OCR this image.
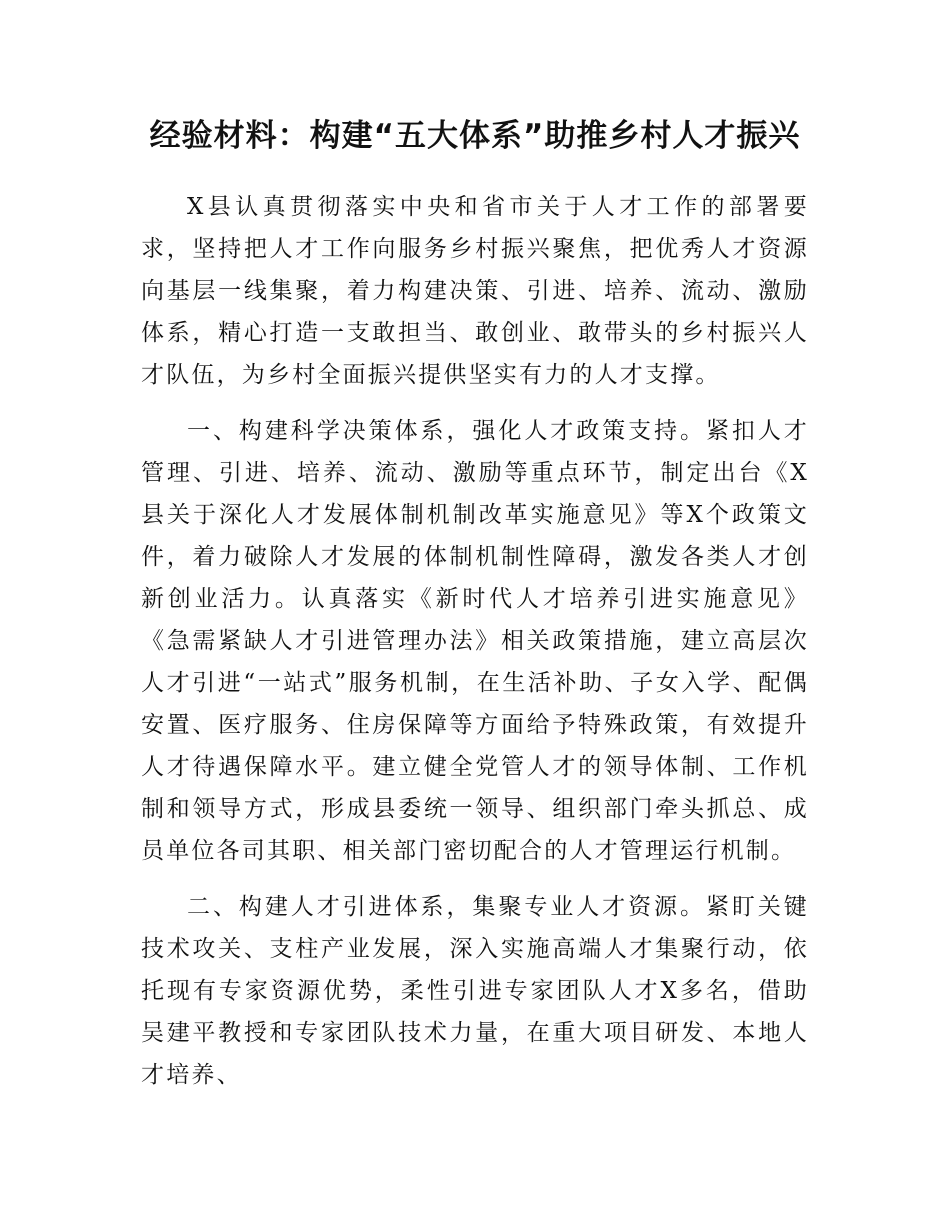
经验材料：构建“五大体系”助推乡村人才振兴

X县认真贯彻落实中央和省市关于人才工作的部署要求，坚持把人才工作向服务乡村振兴聚焦，把优秀人才资源向基层一线集聚，着力构建决策、引进、培养、流动、激励体系，精心打造一支敢担当、敢创业、敢带头的乡村振兴人才队伍，为乡村全面振兴提供坚实有力的人才支撑。

一、构建科学决策体系，强化人才政策支持。紧扣人才管理、引进、培养、流动、激励等重点环节，制定出台《X县关于深化人才发展体制机制改革实施意见》等X个政策文件，着力破除人才发展的体制机制性障碍，激发各类人才创新创业活力。认真落实《新时代人才培养引进实施意见》《急需紧缺人才引进管理办法》相关政策措施，建立高层次人才引进“一站式”服务机制，在生活补助、子女入学、配偶安置、医疗服务、住房保障等方面给予特殊政策，有效提升人才待遇保障水平。建立健全党管人才的领导体制、工作机制和领导方式，形成县委统一领导、组织部门牵头抓总、成员单位各司其职、相关部门密切配合的人才管理运行机制。

二、构建人才引进体系，集聚专业人才资源。紧盯关键技术攻关、支柱产业发展，深入实施高端人才集聚行动，依托现有专家资源优势，柔性引进专家团队人才X多名，借助吴建平教授和专家团队技术力量，在重大项目研发、本地人才培养、
